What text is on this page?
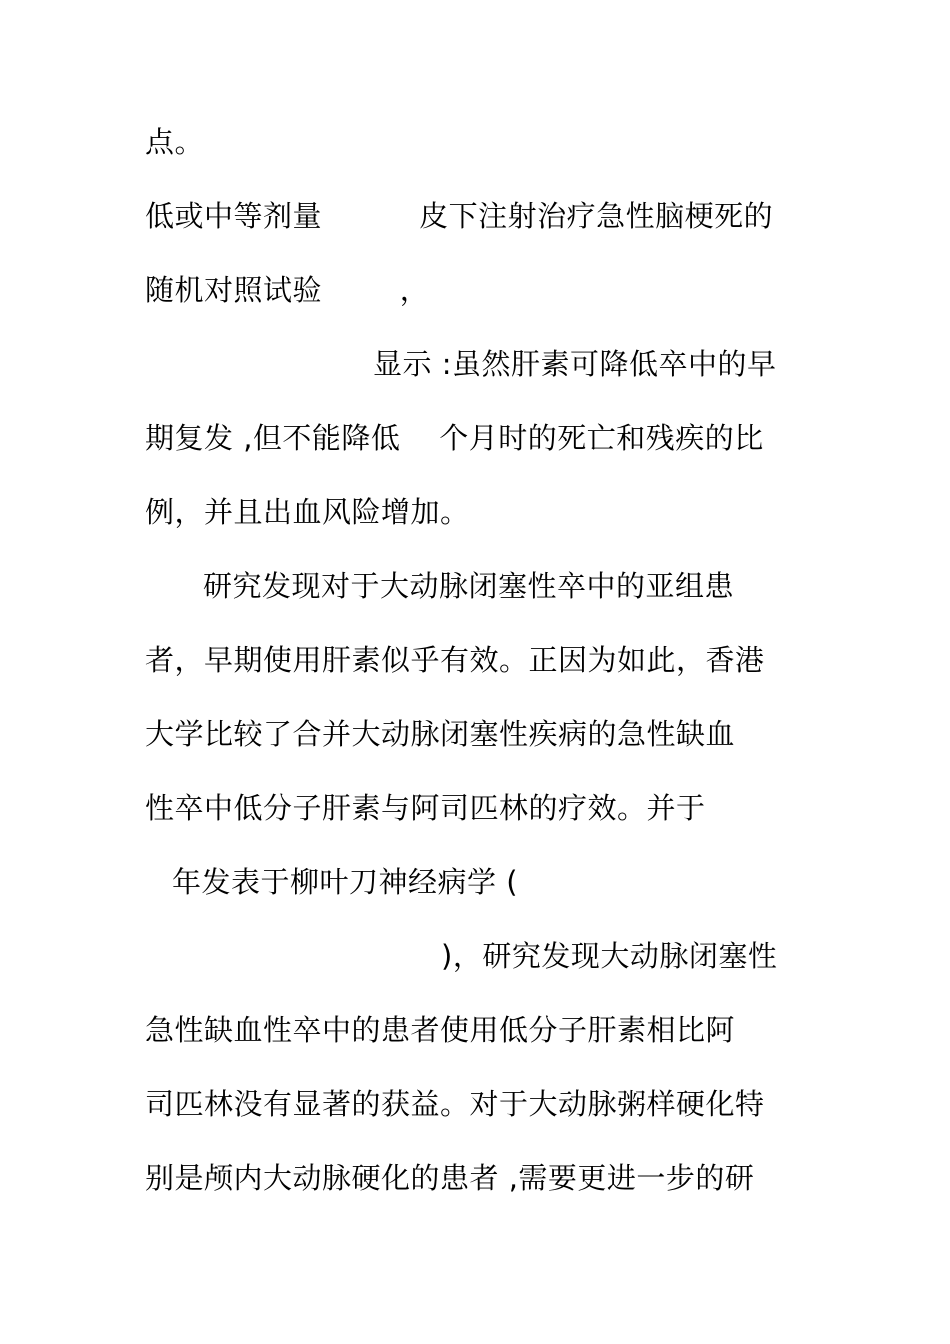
点。
低或中等剂量          皮下注射治疗急性脑梗死的
随机对照试验        ，
显示 :虽然肝素可降低卒中的早
期复发 ,但不能降低    个月时的死亡和残疾的比
例，并且出血风险增加。
研究发现对于大动脉闭塞性卒中的亚组患
者，早期使用肝素似乎有效。正因为如此，香港
大学比较了合并大动脉闭塞性疾病的急性缺血
性卒中低分子肝素与阿司匹林的疗效。并于
年发表于柳叶刀神经病学 (
)，研究发现大动脉闭塞性
急性缺血性卒中的患者使用低分子肝素相比阿
司匹林没有显著的获益。对于大动脉粥样硬化特
别是颅内大动脉硬化的患者 ,需要更进一步的研
